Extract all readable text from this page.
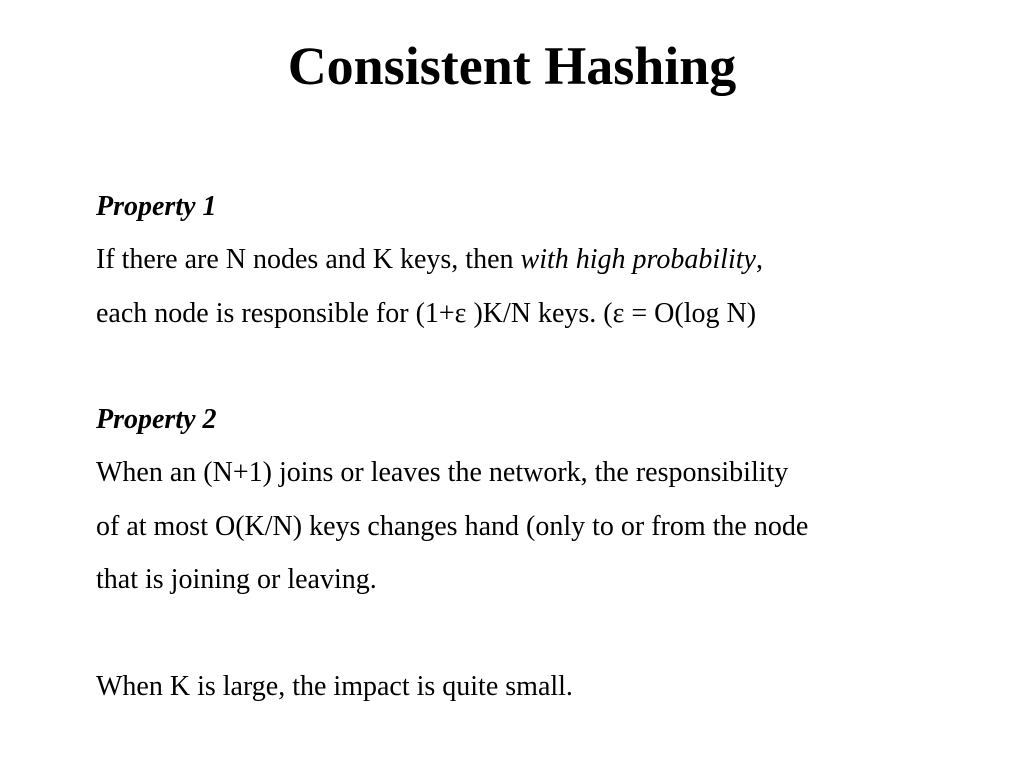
Consistent Hashing
Property 1
If there are N nodes and K keys, then with high probability,
each node is responsible for (1+ε )K/N keys. (ε = O(log N)
Property 2
When an (N+1) joins or leaves the network, the responsibility
of at most O(K/N) keys changes hand (only to or from the node
that is joining or leaving.
When K is large, the impact is quite small.
